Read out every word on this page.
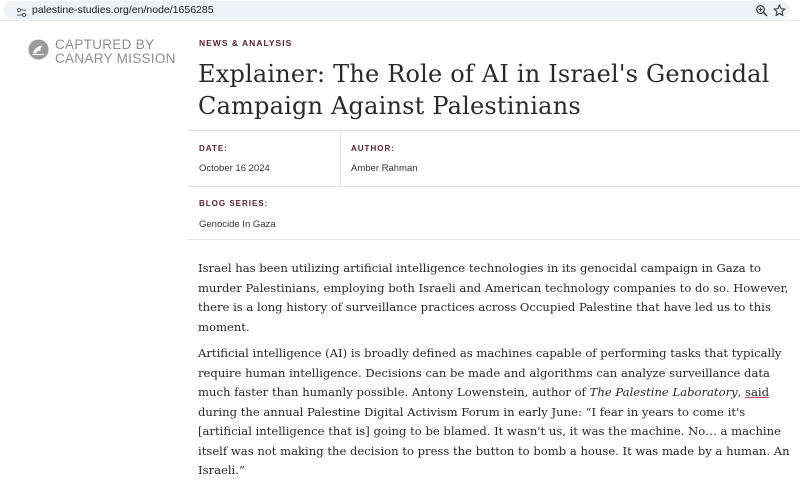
palestine-studies.org/en/node/1656285
CAPTURED BY
CANARY MISSION
NEWS & ANALYSIS
Explainer: The Role of AI in Israel's Genocidal
Campaign Against Palestinians
DATE:
October 16 2024
AUTHOR:
Amber Rahman
BLOG SERIES:
Genocide In Gaza

Israel has been utilizing artificial intelligence technologies in its genocidal campaign in Gaza to murder Palestinians, employing both Israeli and American technology companies to do so. However, there is a long history of surveillance practices across Occupied Palestine that have led us to this moment.

Artificial intelligence (AI) is broadly defined as machines capable of performing tasks that typically require human intelligence. Decisions can be made and algorithms can analyze surveillance data much faster than humanly possible. Antony Lowenstein, author of The Palestine Laboratory, said during the annual Palestine Digital Activism Forum in early June: “I fear in years to come it's [artificial intelligence that is] going to be blamed. It wasn't us, it was the machine. No… a machine itself was not making the decision to press the button to bomb a house. It was made by a human. An Israeli.”
